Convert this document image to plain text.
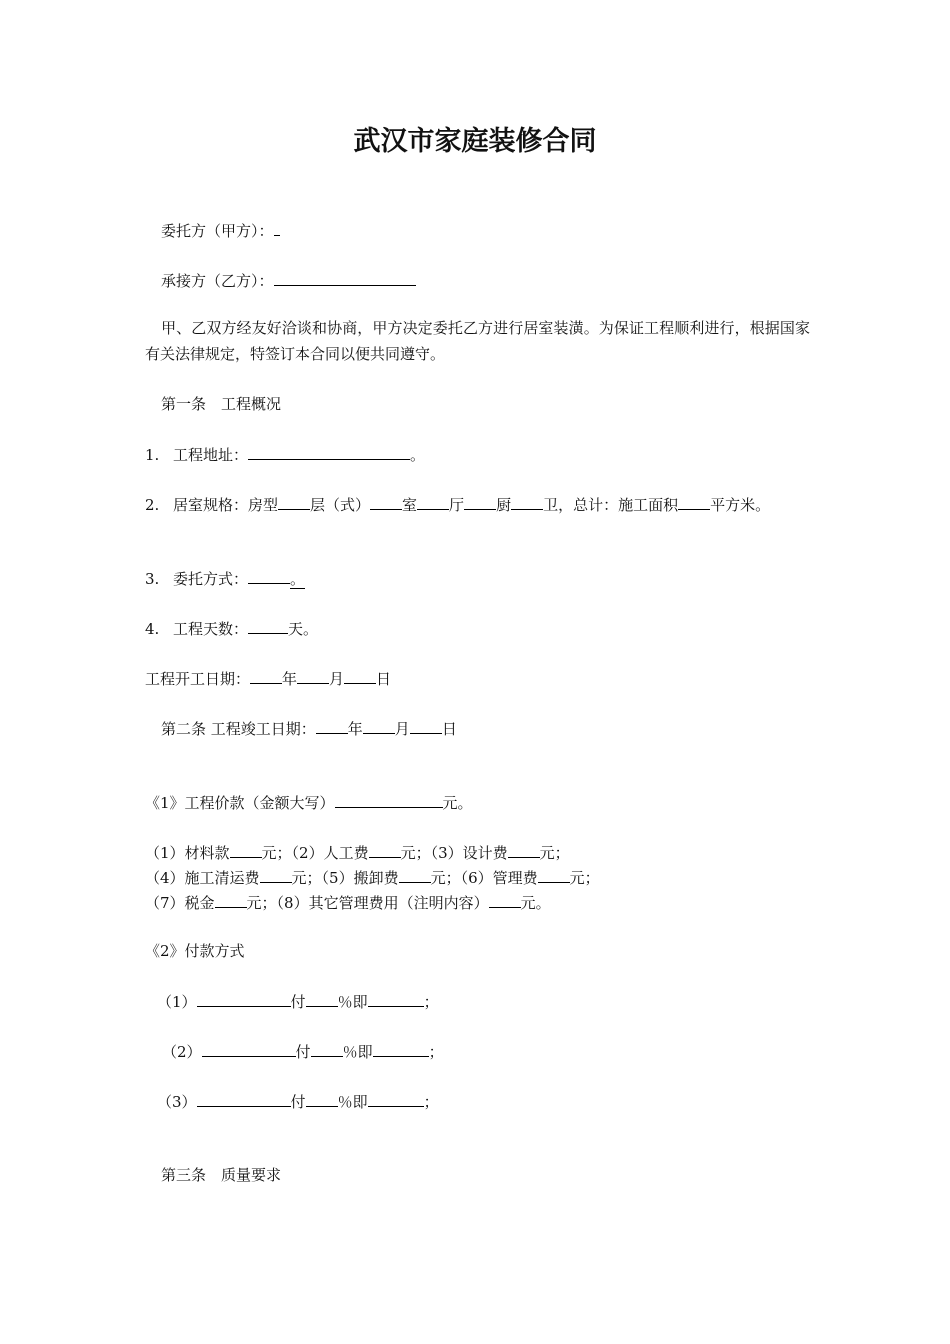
武汉市家庭装修合同
委托方（甲方）：
承接方（乙方）：
甲、乙双方经友好洽谈和协商，甲方决定委托乙方进行居室装潢。为保证工程顺利进行，根据国家有关法律规定，特签订本合同以便共同遵守。
第一条　工程概况
1. 工程地址：	。
2. 居室规格：房型 层（式） 室 厅 厨 卫，总计：施工面积 平方米。
3. 委托方式：	。
4. 工程天数：	天。
工程开工日期： 年 月 日
第二条 工程竣工日期： 年 月 日
《1》工程价款（金额大写）	元。
（1）材料款 元；（2）人工费 元；（3）设计费 元；
（4）施工清运费 元；（5）搬卸费 元；（6）管理费 元；
（7）税金 元；（8）其它管理费用（注明内容） 元。
《2》付款方式
（1）	付 ％即	；
（2）	付 ％即	；
（3）	付 ％即	；
第三条　质量要求
